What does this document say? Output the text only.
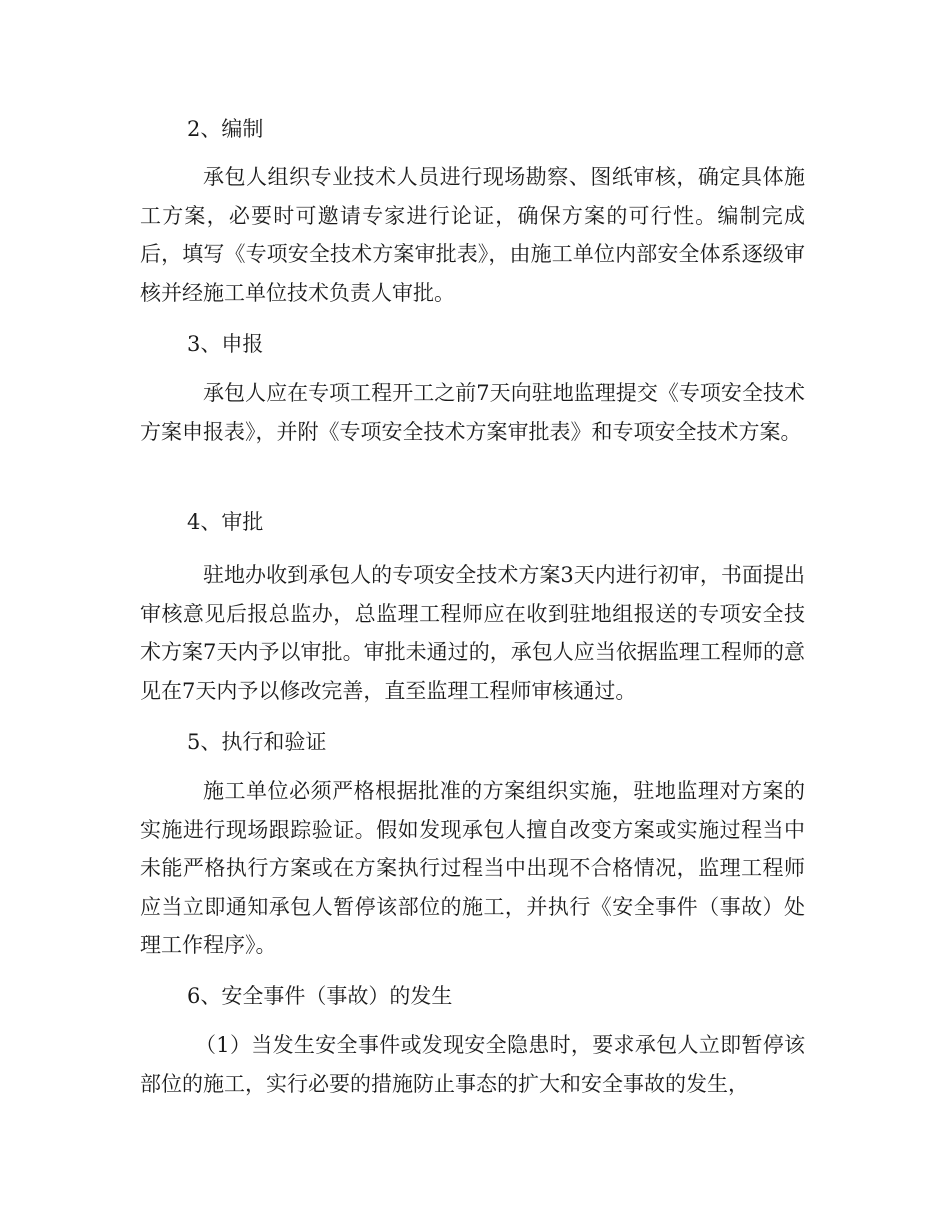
2、编制
承包人组织专业技术人员进行现场勘察、图纸审核，确定具体施工方案，必要时可邀请专家进行论证，确保方案的可行性。编制完成后，填写《专项安全技术方案审批表》，由施工单位内部安全体系逐级审核并经施工单位技术负责人审批。
3、申报
承包人应在专项工程开工之前7天向驻地监理提交《专项安全技术方案申报表》，并附《专项安全技术方案审批表》和专项安全技术方案。
4、审批
驻地办收到承包人的专项安全技术方案3天内进行初审，书面提出审核意见后报总监办，总监理工程师应在收到驻地组报送的专项安全技术方案7天内予以审批。审批未通过的，承包人应当依据监理工程师的意见在7天内予以修改完善，直至监理工程师审核通过。
5、执行和验证
施工单位必须严格根据批准的方案组织实施，驻地监理对方案的实施进行现场跟踪验证。假如发现承包人擅自改变方案或实施过程当中未能严格执行方案或在方案执行过程当中出现不合格情况，监理工程师应当立即通知承包人暂停该部位的施工，并执行《安全事件（事故）处理工作程序》。
6、安全事件（事故）的发生
（1）当发生安全事件或发现安全隐患时，要求承包人立即暂停该部位的施工，实行必要的措施防止事态的扩大和安全事故的发生，
